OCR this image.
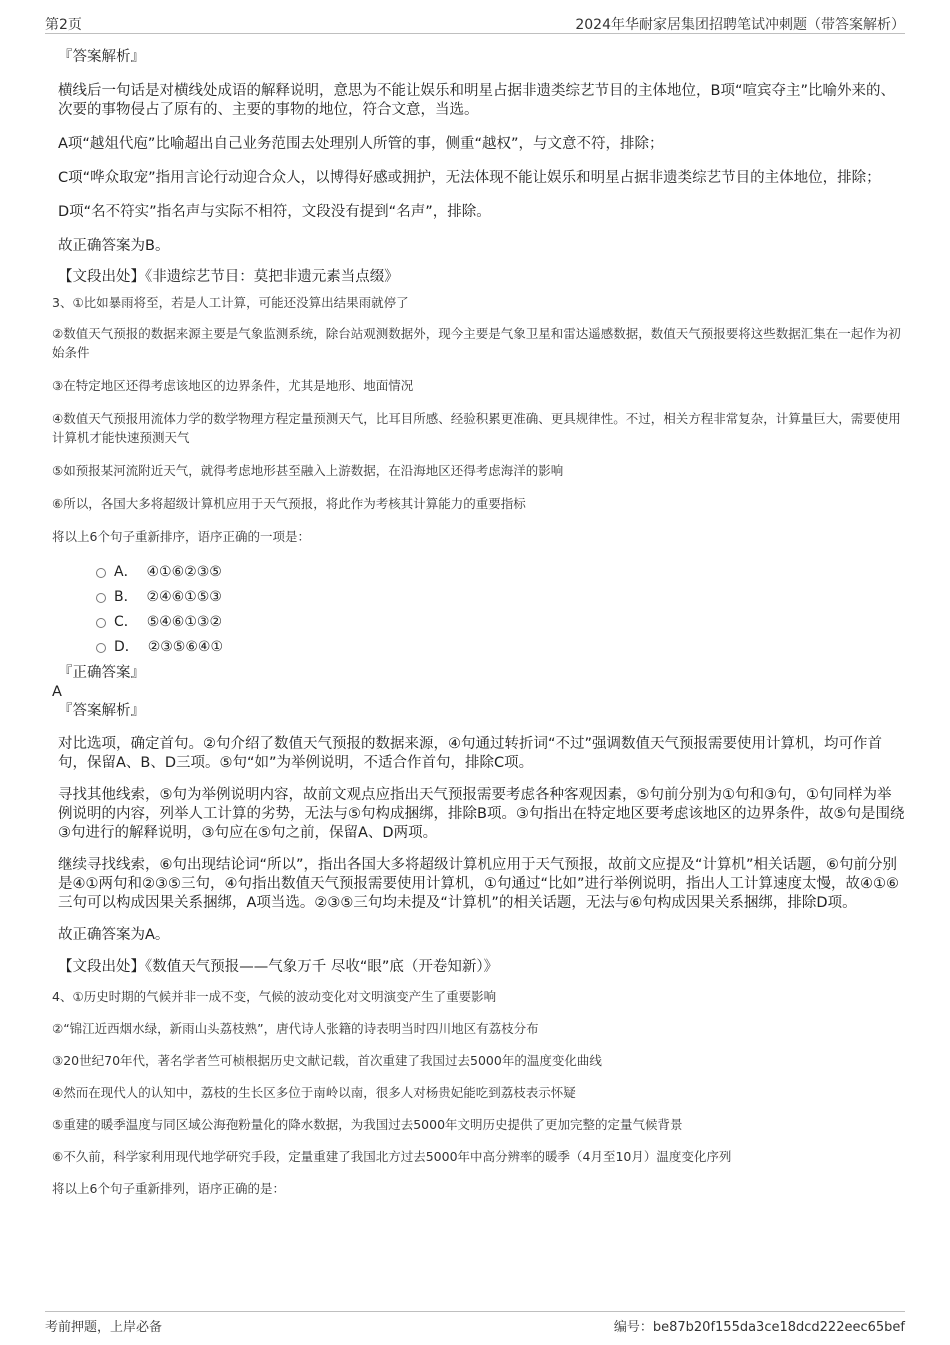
第2页	2024年华耐家居集团招聘笔试冲刺题（带答案解析）
『答案解析』
横线后一句话是对横线处成语的解释说明，意思为不能让娱乐和明星占据非遗类综艺节目的主体地位，B项“喧宾夺主”比喻外来的、次要的事物侵占了原有的、主要的事物的地位，符合文意，当选。
A项“越俎代庖”比喻超出自己业务范围去处理别人所管的事，侧重“越权”，与文意不符，排除；
C项“哗众取宠”指用言论行动迎合众人，以博得好感或拥护，无法体现不能让娱乐和明星占据非遗类综艺节目的主体地位，排除；
D项“名不符实”指名声与实际不相符，文段没有提到“名声”，排除。
故正确答案为B。
【文段出处】《非遗综艺节目：莫把非遗元素当点缀》
3、①比如暴雨将至，若是人工计算，可能还没算出结果雨就停了
②数值天气预报的数据来源主要是气象监测系统，除台站观测数据外，现今主要是气象卫星和雷达遥感数据，数值天气预报要将这些数据汇集在一起作为初始条件
③在特定地区还得考虑该地区的边界条件，尤其是地形、地面情况
④数值天气预报用流体力学的数学物理方程定量预测天气，比耳目所感、经验积累更准确、更具规律性。不过，相关方程非常复杂，计算量巨大，需要使用计算机才能快速预测天气
⑤如预报某河流附近天气，就得考虑地形甚至融入上游数据，在沿海地区还得考虑海洋的影响
⑥所以，各国大多将超级计算机应用于天气预报，将此作为考核其计算能力的重要指标
将以上6个句子重新排序，语序正确的一项是：
A． ④①⑥②③⑤
B． ②④⑥①⑤③
C． ⑤④⑥①③②
D． ②③⑤⑥④①
『正确答案』
A
『答案解析』
对比选项，确定首句。②句介绍了数值天气预报的数据来源，④句通过转折词“不过”强调数值天气预报需要使用计算机，均可作首句，保留A、B、D三项。⑤句“如”为举例说明，不适合作首句，排除C项。
寻找其他线索，⑤句为举例说明内容，故前文观点应指出天气预报需要考虑各种客观因素，⑤句前分别为①句和③句，①句同样为举例说明的内容，列举人工计算的劣势，无法与⑤句构成捆绑，排除B项。③句指出在特定地区要考虑该地区的边界条件，故⑤句是围绕③句进行的解释说明，③句应在⑤句之前，保留A、D两项。
继续寻找线索，⑥句出现结论词“所以”，指出各国大多将超级计算机应用于天气预报，故前文应提及“计算机”相关话题，⑥句前分别是④①两句和②③⑤三句，④句指出数值天气预报需要使用计算机，①句通过“比如”进行举例说明，指出人工计算速度太慢，故④①⑥三句可以构成因果关系捆绑，A项当选。②③⑤三句均未提及“计算机”的相关话题，无法与⑥句构成因果关系捆绑，排除D项。
故正确答案为A。
【文段出处】《数值天气预报——气象万千 尽收“眼”底（开卷知新）》
4、①历史时期的气候并非一成不变，气候的波动变化对文明演变产生了重要影响
②“锦江近西烟水绿，新雨山头荔枝熟”，唐代诗人张籍的诗表明当时四川地区有荔枝分布
③20世纪70年代，著名学者竺可桢根据历史文献记载，首次重建了我国过去5000年的温度变化曲线
④然而在现代人的认知中，荔枝的生长区多位于南岭以南，很多人对杨贵妃能吃到荔枝表示怀疑
⑤重建的暖季温度与同区域公海孢粉量化的降水数据，为我国过去5000年文明历史提供了更加完整的定量气候背景
⑥不久前，科学家利用现代地学研究手段，定量重建了我国北方过去5000年中高分辨率的暖季（4月至10月）温度变化序列
将以上6个句子重新排列，语序正确的是：
考前押题，上岸必备	编号：be87b20f155da3ce18dcd222eec65bef
